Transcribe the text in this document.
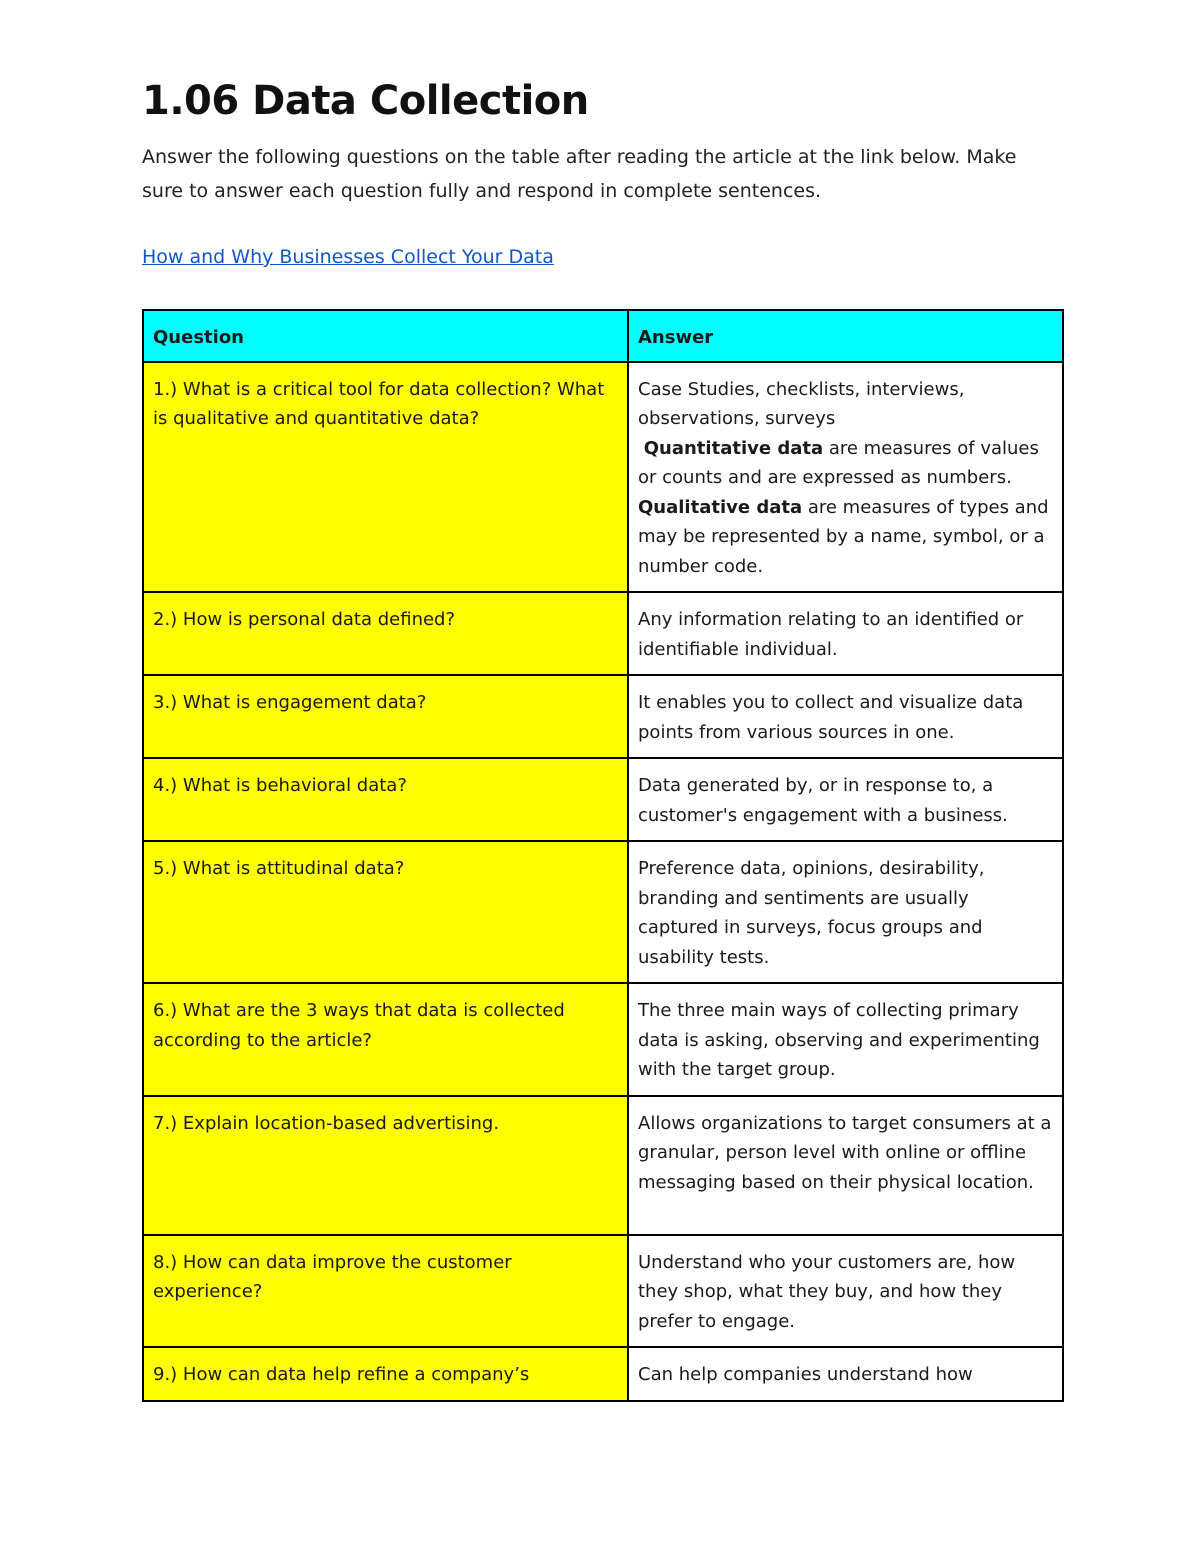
1.06 Data Collection

Answer the following questions on the table after reading the article at the link below. Make sure to answer each question fully and respond in complete sentences.

How and Why Businesses Collect Your Data
Question	Answer
1.) What is a critical tool for data collection? What is qualitative and quantitative data?	Case Studies, checklists, interviews, observations, surveys
Quantitative data are measures of values or counts and are expressed as numbers.
Qualitative data are measures of types and may be represented by a name, symbol, or a number code.

2.) How is personal data defined?	Any information relating to an identified or identifiable individual.
3.) What is engagement data?	It enables you to collect and visualize data points from various sources in one.
4.) What is behavioral data?	Data generated by, or in response to, a customer's engagement with a business.
5.) What is attitudinal data?	Preference data, opinions, desirability, branding and sentiments are usually captured in surveys, focus groups and usability tests.
6.) What are the 3 ways that data is collected according to the article?	The three main ways of collecting primary data is asking, observing and experimenting with the target group.
7.) Explain location-based advertising.	Allows organizations to target consumers at a granular, person level with online or offline messaging based on their physical location.
8.) How can data improve the customer experience?	Understand who your customers are, how they shop, what they buy, and how they prefer to engage.
9.) How can data help refine a company’s	Can help companies understand how
